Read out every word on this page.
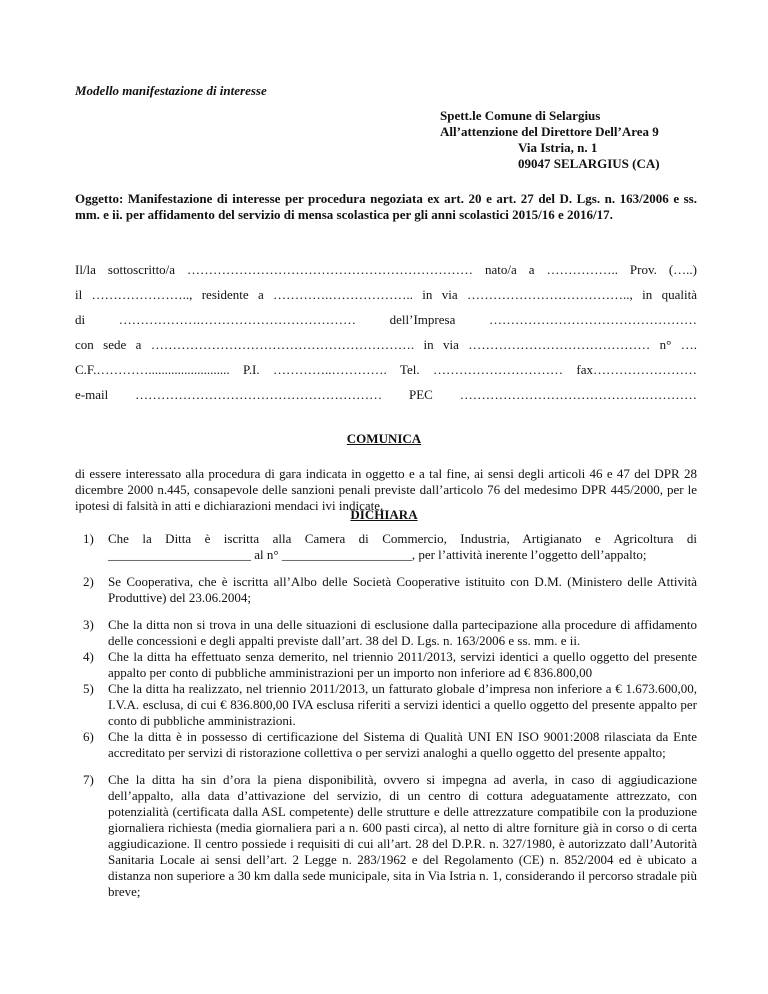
Modello manifestazione di interesse
Spett.le Comune di Selargius
All’attenzione del Direttore Dell’Area 9
Via Istria, n. 1
09047 SELARGIUS (CA)
Oggetto: Manifestazione di interesse per procedura negoziata ex art. 20 e art. 27 del D. Lgs. n. 163/2006 e ss. mm. e ii. per affidamento del servizio di mensa scolastica per gli anni scolastici 2015/16 e 2016/17.
Il/la sottoscritto/a ………………………………………………………… nato/a a …………….. Prov. (…..)
il ………………….., residente a ………….……………….. in via ……………………………….., in qualità
di ……………….……………………………… dell’Impresa …………………………………………
con sede a ……………………………………………………. in via …………………………………… n° ….
C.F.…………......................... P.I. …………..…………. Tel. ………………………… fax……………………
e-mail ………………………………………………… PEC …………………………………….…………
COMUNICA
di essere interessato alla procedura di gara indicata in oggetto e a tal fine, ai sensi degli articoli 46 e 47 del DPR 28 dicembre 2000 n.445, consapevole delle sanzioni penali previste dall’articolo 76 del medesimo DPR 445/2000, per le ipotesi di falsità in atti e dichiarazioni mendaci ivi indicate,
DICHIARA
1) Che la Ditta è iscritta alla Camera di Commercio, Industria, Artigianato e Agricoltura di ______________________ al n° ____________________, per l’attività inerente l’oggetto dell’appalto;
2) Se Cooperativa, che è iscritta all’Albo delle Società Cooperative istituito con D.M. (Ministero delle Attività Produttive) del 23.06.2004;
3) Che la ditta non si trova in una delle situazioni di esclusione dalla partecipazione alla procedure di affidamento delle concessioni e degli appalti previste dall’art. 38 del D. Lgs. n. 163/2006 e ss. mm. e ii.
4) Che la ditta ha effettuato senza demerito, nel triennio 2011/2013, servizi identici a quello oggetto del presente appalto per conto di pubbliche amministrazioni per un importo non inferiore ad € 836.800,00
5) Che la ditta ha realizzato, nel triennio 2011/2013, un fatturato globale d’impresa non inferiore a € 1.673.600,00, I.V.A. esclusa, di cui € 836.800,00 IVA esclusa riferiti a servizi identici a quello oggetto del presente appalto per conto di pubbliche amministrazioni.
6) Che la ditta è in possesso di certificazione del Sistema di Qualità UNI EN ISO 9001:2008 rilasciata da Ente accreditato per servizi di ristorazione collettiva o per servizi analoghi a quello oggetto del presente appalto;
7) Che la ditta ha sin d’ora la piena disponibilità, ovvero si impegna ad averla, in caso di aggiudicazione dell’appalto, alla data d’attivazione del servizio, di un centro di cottura adeguatamente attrezzato, con potenzialità (certificata dalla ASL competente) delle strutture e delle attrezzature compatibile con la produzione giornaliera richiesta (media giornaliera pari a n. 600 pasti circa), al netto di altre forniture già in corso o di certa aggiudicazione. Il centro possiede i requisiti di cui all’art. 28 del D.P.R. n. 327/1980, è autorizzato dall’Autorità Sanitaria Locale ai sensi dell’art. 2 Legge n. 283/1962 e del Regolamento (CE) n. 852/2004 ed è ubicato a distanza non superiore a 30 km dalla sede municipale, sita in Via Istria n. 1, considerando il percorso stradale più breve;
